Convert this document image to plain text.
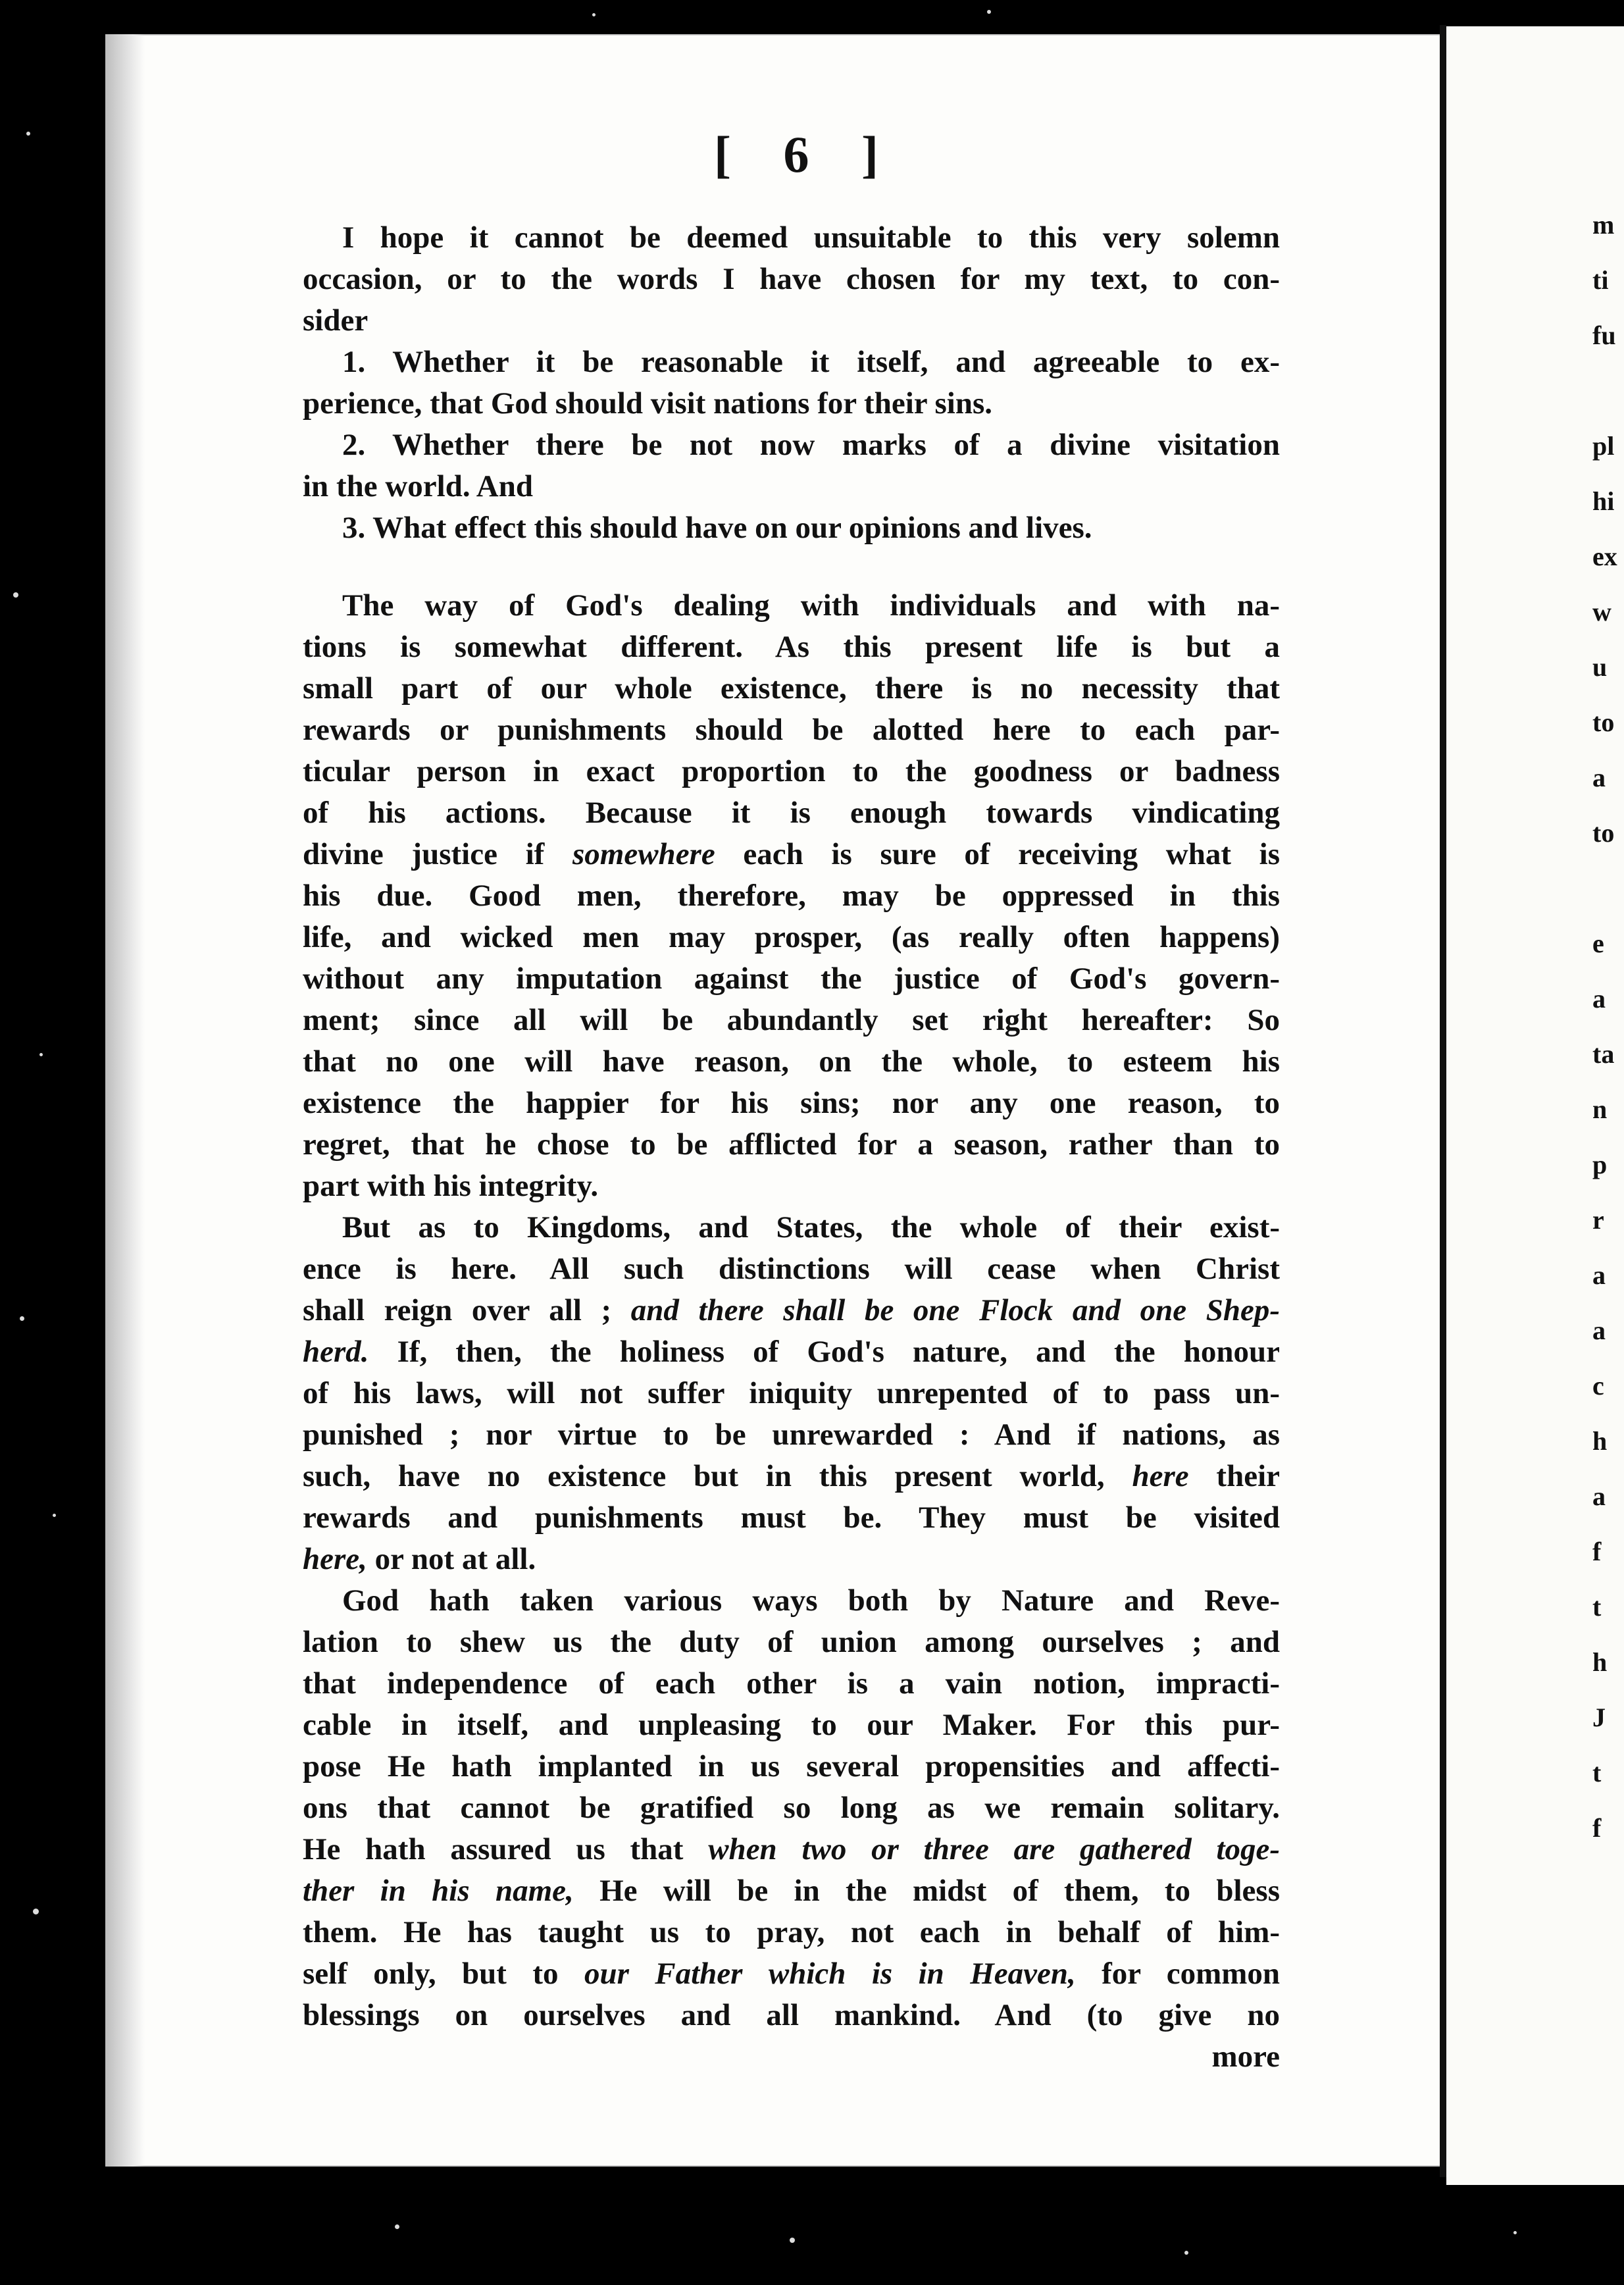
m
ti
fu
pl
hi
ex
w
u
to
a
to
e
a
ta
n
p
r
a
a
c
h
a
f
t
h
J
t
f
[ 6 ]
I hope it cannot be deemed unsuitable to this very solemn
occasion, or to the words I have chosen for my text, to con-
sider
1. Whether it be reasonable it itself, and agreeable to ex-
perience, that God should visit nations for their sins.
2. Whether there be not now marks of a divine visitation
in the world. And
3. What effect this should have on our opinions and lives.
The way of God's dealing with individuals and with na-
tions is somewhat different. As this present life is but a
small part of our whole existence, there is no necessity that
rewards or punishments should be alotted here to each par-
ticular person in exact proportion to the goodness or badness
of his actions. Because it is enough towards vindicating
divine justice if somewhere each is sure of receiving what is
his due. Good men, therefore, may be oppressed in this
life, and wicked men may prosper, (as really often happens)
without any imputation against the justice of God's govern-
ment; since all will be abundantly set right hereafter: So
that no one will have reason, on the whole, to esteem his
existence the happier for his sins; nor any one reason, to
regret, that he chose to be afflicted for a season, rather than to
part with his integrity.
But as to Kingdoms, and States, the whole of their exist-
ence is here. All such distinctions will cease when Christ
shall reign over all ; and there shall be one Flock and one Shep-
herd. If, then, the holiness of God's nature, and the honour
of his laws, will not suffer iniquity unrepented of to pass un-
punished ; nor virtue to be unrewarded : And if nations, as
such, have no existence but in this present world, here their
rewards and punishments must be. They must be visited
here, or not at all.
God hath taken various ways both by Nature and Reve-
lation to shew us the duty of union among ourselves ; and
that independence of each other is a vain notion, impracti-
cable in itself, and unpleasing to our Maker. For this pur-
pose He hath implanted in us several propensities and affecti-
ons that cannot be gratified so long as we remain solitary.
He hath assured us that when two or three are gathered toge-
ther in his name, He will be in the midst of them, to bless
them. He has taught us to pray, not each in behalf of him-
self only, but to our Father which is in Heaven, for common
blessings on ourselves and all mankind. And (to give no
more
